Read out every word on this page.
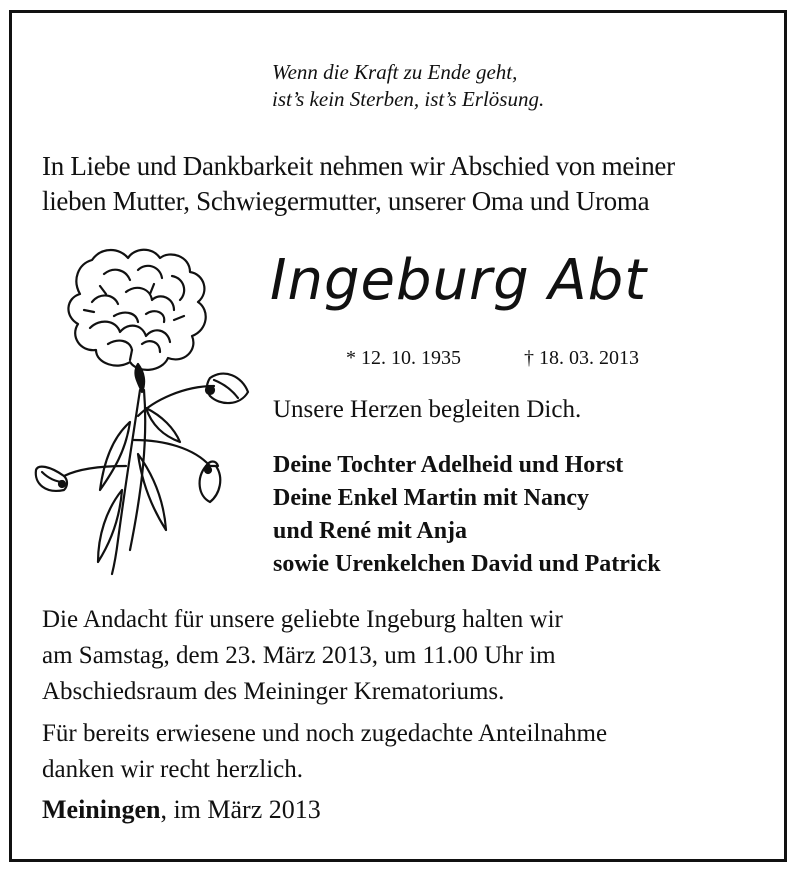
Wenn die Kraft zu Ende geht,
ist’s kein Sterben, ist’s Erlösung.
In Liebe und Dankbarkeit nehmen wir Abschied von meiner
lieben Mutter, Schwiegermutter, unserer Oma und Uroma
Ingeburg Abt
* 12. 10. 1935	† 18. 03. 2013
Unsere Herzen begleiten Dich.
Deine Tochter Adelheid und Horst
Deine Enkel Martin mit Nancy
und René mit Anja
sowie Urenkelchen David und Patrick
Die Andacht für unsere geliebte Ingeburg halten wir
am Samstag, dem 23. März 2013, um 11.00 Uhr im
Abschiedsraum des Meininger Krematoriums.
Für bereits erwiesene und noch zugedachte Anteilnahme
danken wir recht herzlich.
Meiningen, im März 2013
